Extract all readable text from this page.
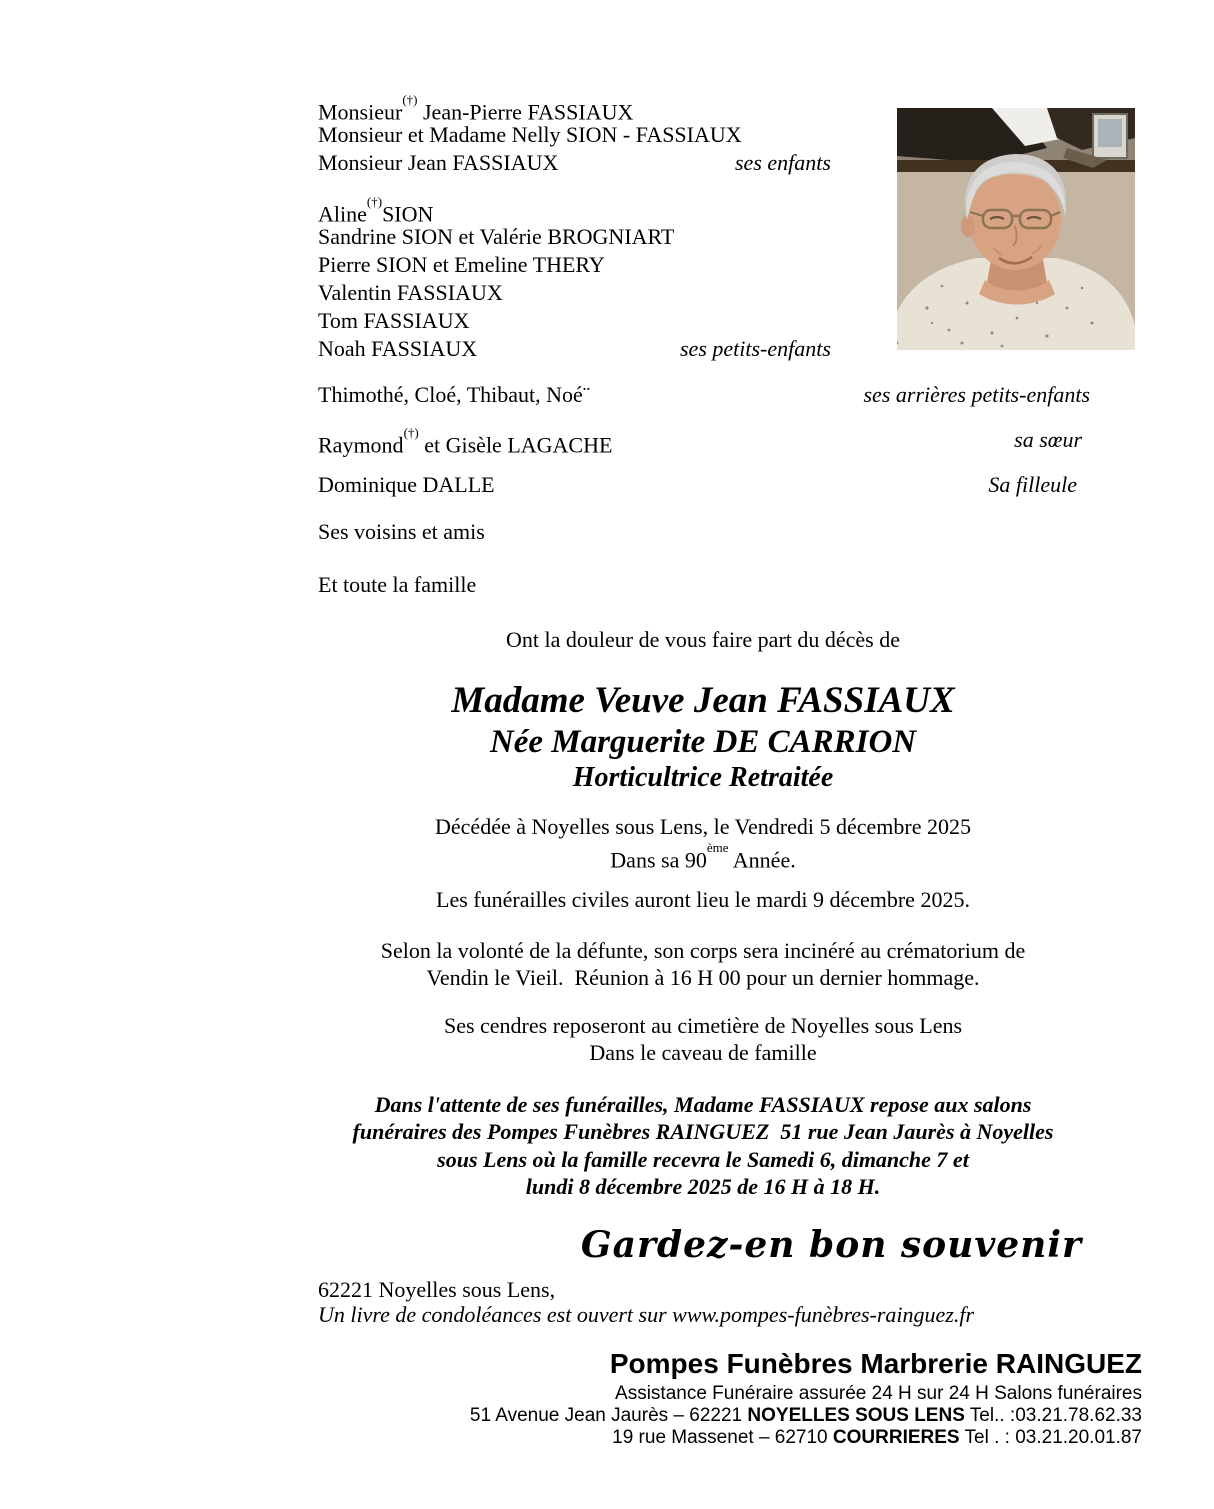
Monsieur(†) Jean-Pierre FASSIAUX
Monsieur et Madame Nelly SION - FASSIAUX
Monsieur Jean FASSIAUX	ses enfants
Aline(†)SION
Sandrine SION et Valérie BROGNIART
Pierre SION et Emeline THERY
Valentin FASSIAUX
Tom FASSIAUX
Noah FASSIAUX	ses petits-enfants
Thimothé, Cloé, Thibaut, Noé¨	ses arrières petits-enfants
Raymond(†) et Gisèle LAGACHE	sa sœur
Dominique DALLE	Sa filleule
Ses voisins et amis
Et toute la famille
Ont la douleur de vous faire part du décès de
Madame Veuve Jean FASSIAUX
Née Marguerite DE CARRION
Horticultrice Retraitée
Décédée à Noyelles sous Lens, le Vendredi 5 décembre 2025
Dans sa 90ème Année.
Les funérailles civiles auront lieu le mardi 9 décembre 2025.
Selon la volonté de la défunte, son corps sera incinéré au crématorium de
Vendin le Vieil.  Réunion à 16 H 00 pour un dernier hommage.
Ses cendres reposeront au cimetière de Noyelles sous Lens
Dans le caveau de famille
Dans l'attente de ses funérailles, Madame FASSIAUX repose aux salons
funéraires des Pompes Funèbres RAINGUEZ  51 rue Jean Jaurès à Noyelles
sous Lens où la famille recevra le Samedi 6, dimanche 7 et
lundi 8 décembre 2025 de 16 H à 18 H.
Gardez-en bon souvenir
62221 Noyelles sous Lens,
Un livre de condoléances est ouvert sur www.pompes-funèbres-rainguez.fr
Pompes Funèbres Marbrerie RAINGUEZ
Assistance Funéraire assurée 24 H sur 24 H Salons funéraires
51 Avenue Jean Jaurès – 62221 NOYELLES SOUS LENS Tel.. :03.21.78.62.33
19 rue Massenet – 62710 COURRIERES Tel . : 03.21.20.01.87
